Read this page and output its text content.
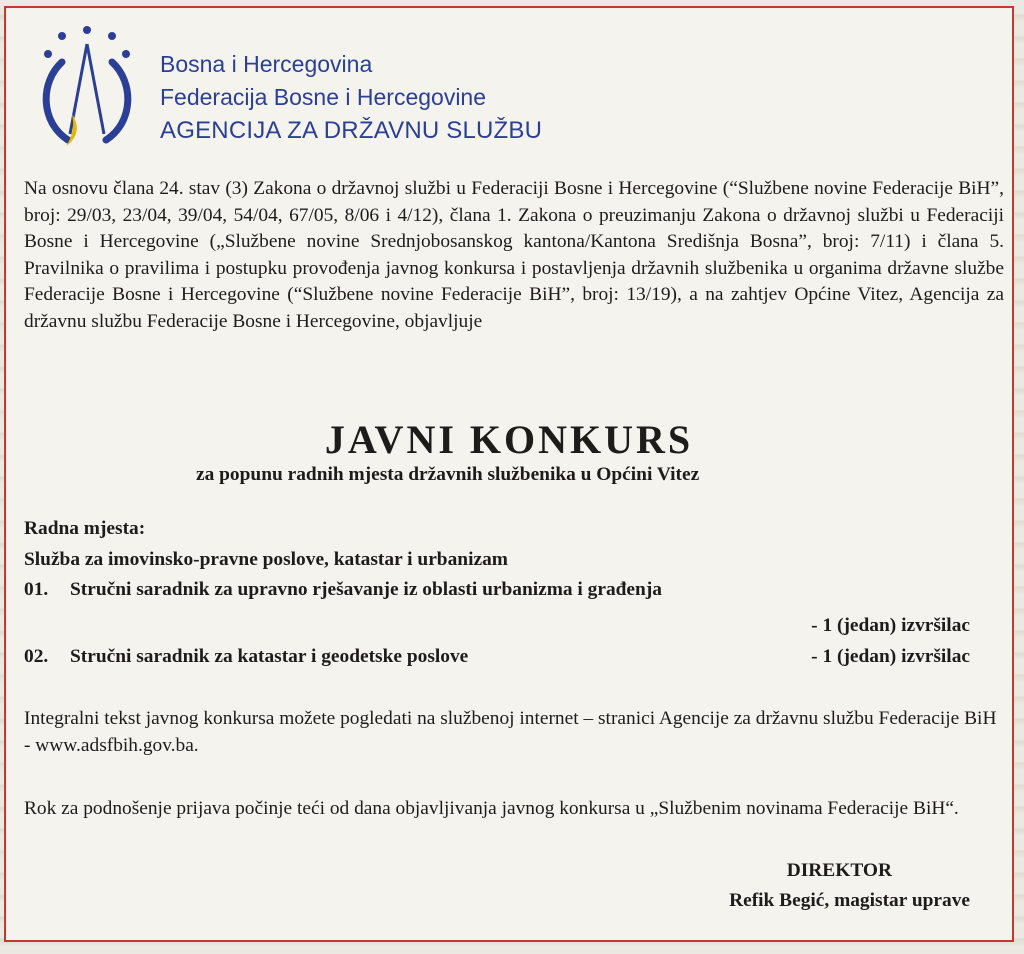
Bosna i Hercegovina
Federacija Bosne i Hercegovine
AGENCIJA ZA DRŽAVNU SLUŽBU
Na osnovu člana 24. stav (3) Zakona o državnoj službi u Federaciji Bosne i Hercegovine (“Službene novine Federacije BiH”, broj: 29/03, 23/04, 39/04, 54/04, 67/05, 8/06 i 4/12), člana 1. Zakona o preuzimanju Zakona o državnoj službi u Federaciji Bosne i Hercegovine („Službene novine Srednjobosanskog kantona/Kantona Središnja Bosna”, broj: 7/11) i člana 5. Pravilnika o pravilima i postupku provođenja javnog konkursa i postavljenja državnih službenika u organima državne službe Federacije Bosne i Hercegovine (“Službene novine Federacije BiH”, broj: 13/19), a na zahtjev Općine Vitez, Agencija za državnu službu Federacije Bosne i Hercegovine, objavljuje
JAVNI KONKURS
za popunu radnih mjesta državnih službenika u Općini Vitez
Radna mjesta:
Služba za imovinsko-pravne poslove, katastar i urbanizam
01. Stručni saradnik za upravno rješavanje iz oblasti urbanizma i građenja
- 1 (jedan) izvršilac
02. Stručni saradnik za katastar i geodetske poslove	- 1 (jedan) izvršilac
Integralni tekst javnog konkursa možete pogledati na službenoj internet – stranici Agencije za državnu službu Federacije BiH - www.adsfbih.gov.ba.
Rok za podnošenje prijava počinje teći od dana objavljivanja javnog konkursa u „Službenim novinama Federacije BiH“.
DIREKTOR
Refik Begić, magistar uprave
